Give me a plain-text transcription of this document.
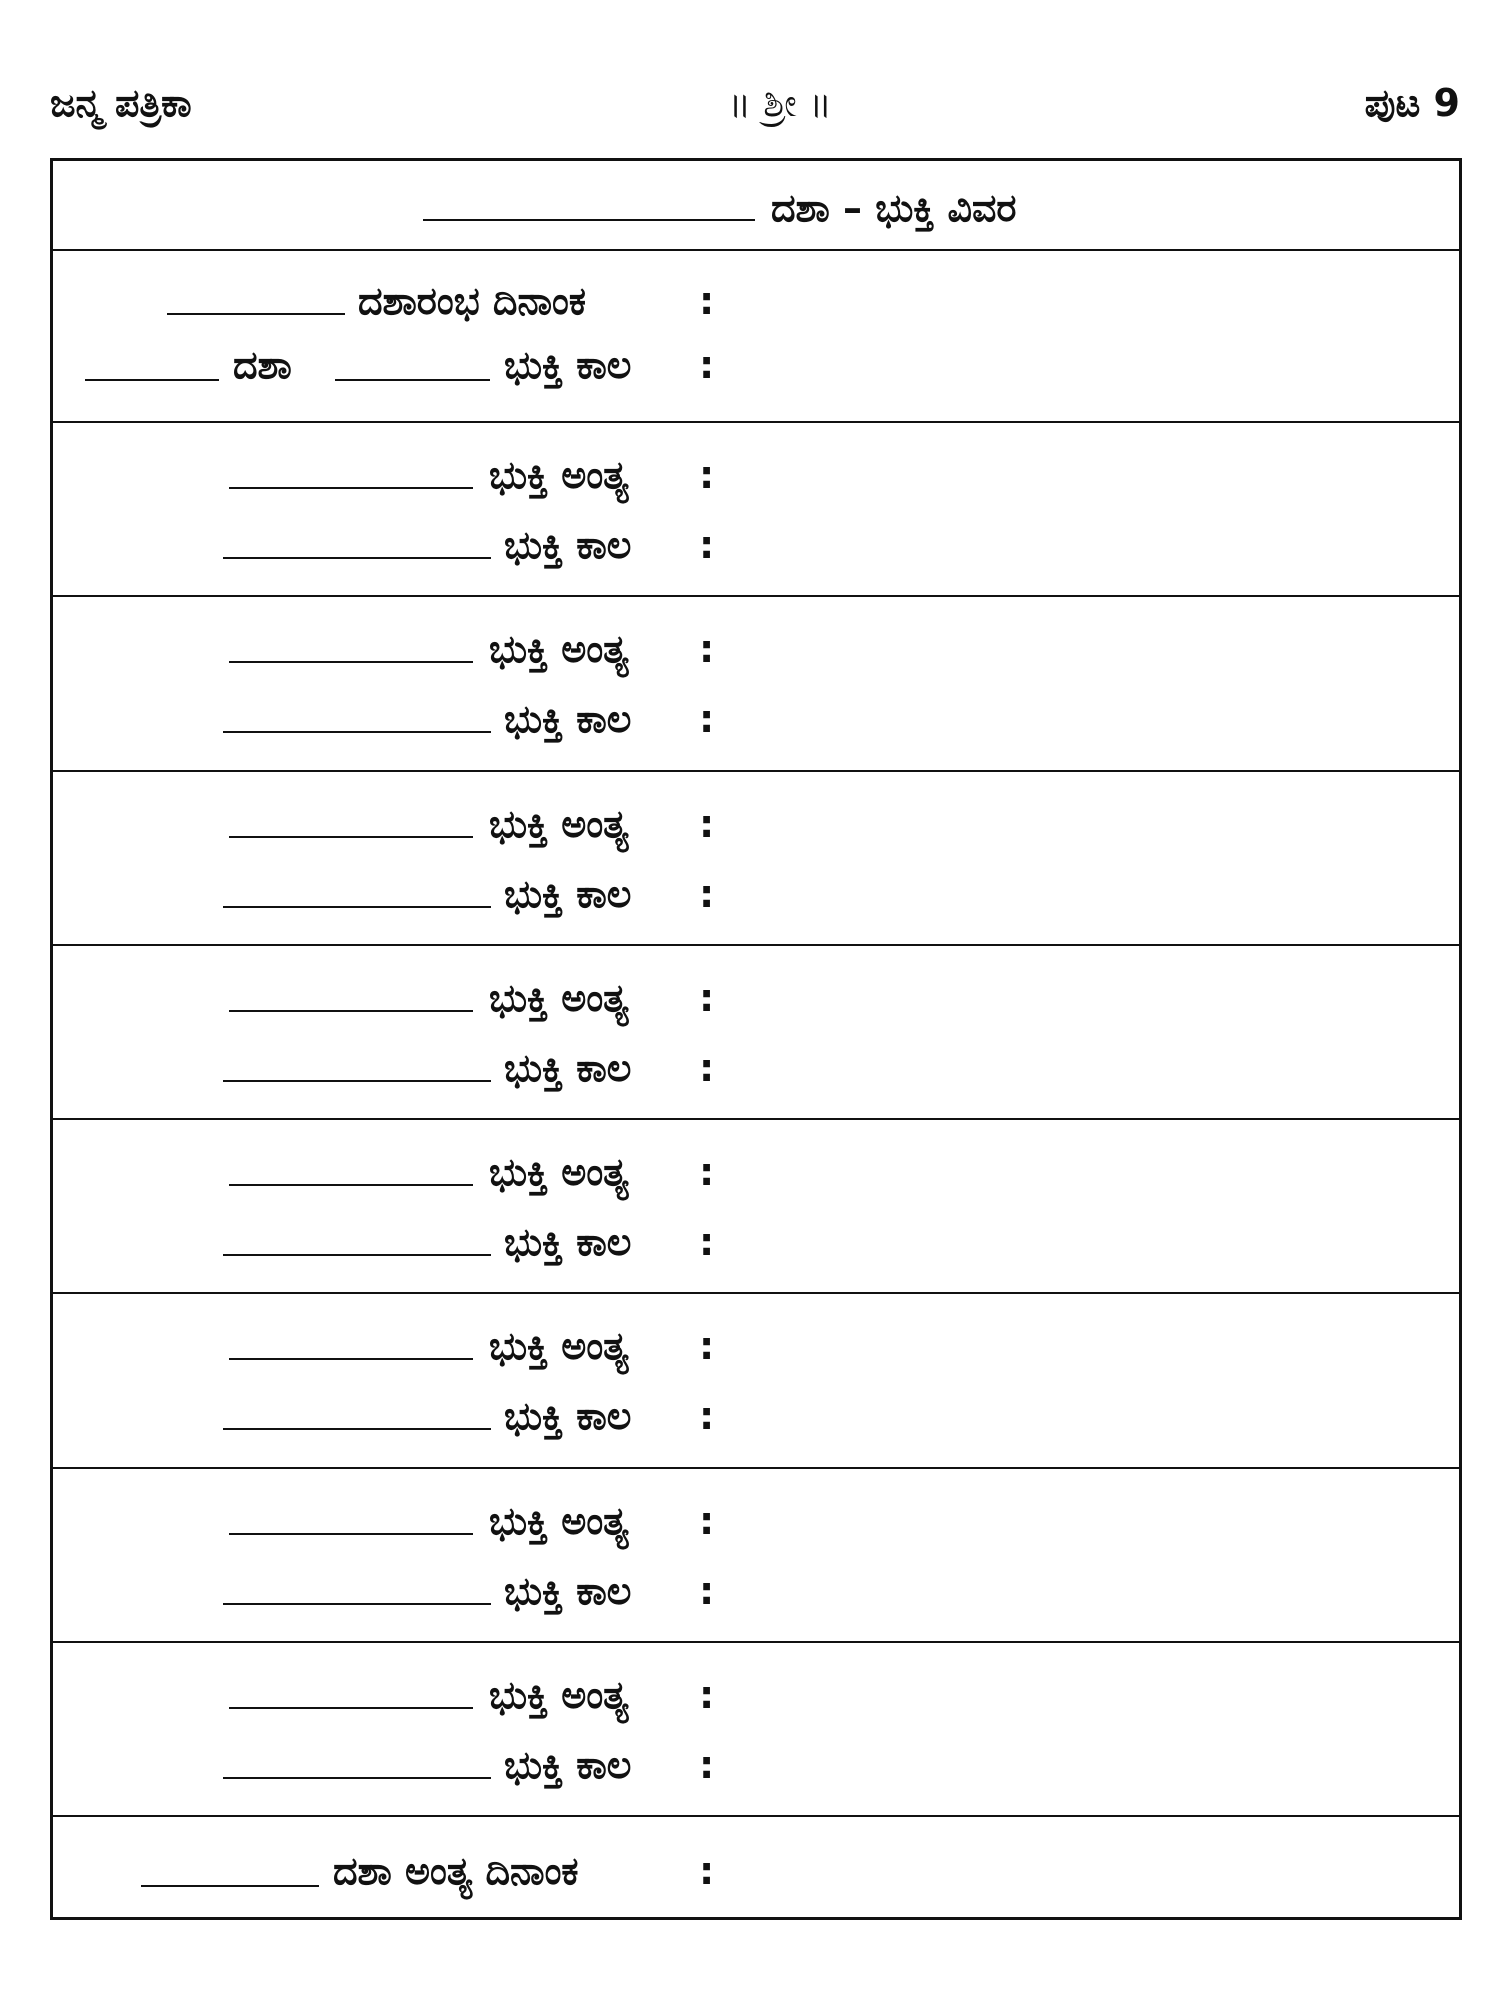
ಜನ್ಮ ಪತ್ರಿಕಾ	॥ ಶ್ರೀ ॥	ಪುಟ 9
ದಶಾ – ಭುಕ್ತಿ ವಿವರ
ದಶಾರಂಭ ದಿನಾಂಕ	:
ದಶಾ	ಭುಕ್ತಿ ಕಾಲ :
ಭುಕ್ತಿ ಅಂತ್ಯ :
ಭುಕ್ತಿ ಕಾಲ :
ಭುಕ್ತಿ ಅಂತ್ಯ :
ಭುಕ್ತಿ ಕಾಲ :
ಭುಕ್ತಿ ಅಂತ್ಯ :
ಭುಕ್ತಿ ಕಾಲ :
ಭುಕ್ತಿ ಅಂತ್ಯ :
ಭುಕ್ತಿ ಕಾಲ :
ಭುಕ್ತಿ ಅಂತ್ಯ :
ಭುಕ್ತಿ ಕಾಲ :
ಭುಕ್ತಿ ಅಂತ್ಯ :
ಭುಕ್ತಿ ಕಾಲ :
ಭುಕ್ತಿ ಅಂತ್ಯ :
ಭುಕ್ತಿ ಕಾಲ :
ಭುಕ್ತಿ ಅಂತ್ಯ :
ಭುಕ್ತಿ ಕಾಲ :
ದಶಾ ಅಂತ್ಯ ದಿನಾಂಕ	:
